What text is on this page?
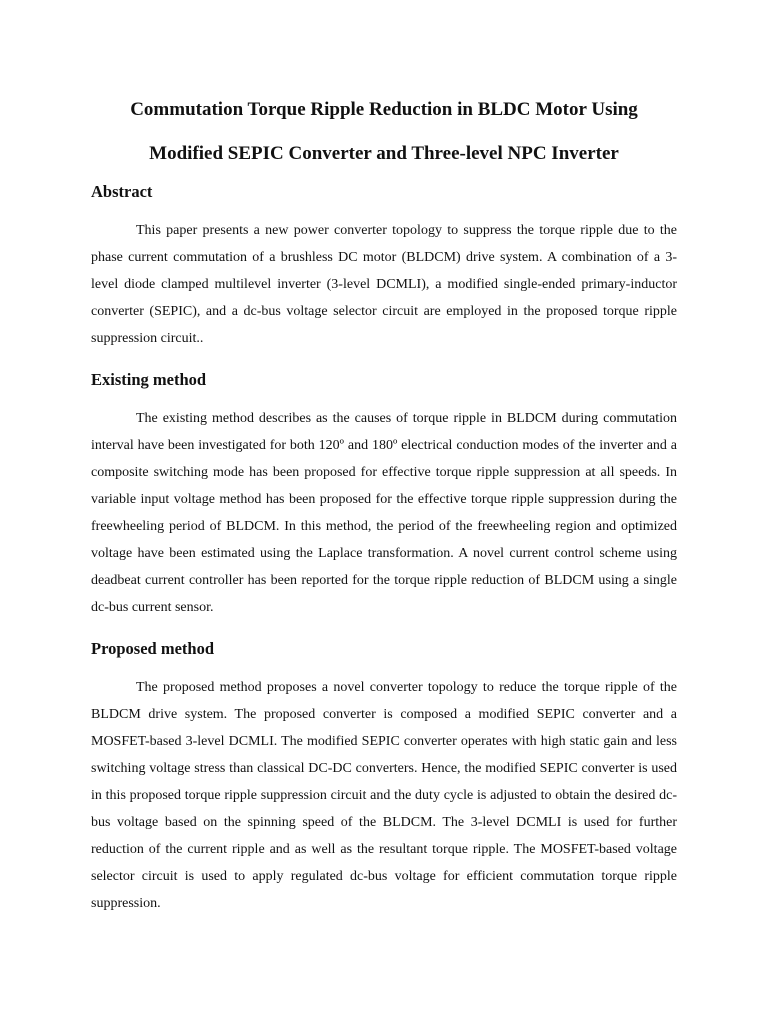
Commutation Torque Ripple Reduction in BLDC Motor Using
Modified SEPIC Converter and Three-level NPC Inverter
Abstract

This paper presents a new power converter topology to suppress the torque ripple due to the phase current commutation of a brushless DC motor (BLDCM) drive system. A combination of a 3-level diode clamped multilevel inverter (3-level DCMLI), a modified single-ended primary-inductor converter (SEPIC), and a dc-bus voltage selector circuit are employed in the proposed torque ripple suppression circuit..

Existing method

The existing method describes as the causes of torque ripple in BLDCM during commutation interval have been investigated for both 120º and 180º electrical conduction modes of the inverter and a composite switching mode has been proposed for effective torque ripple suppression at all speeds. In variable input voltage method has been proposed for the effective torque ripple suppression during the freewheeling period of BLDCM. In this method, the period of the freewheeling region and optimized voltage have been estimated using the Laplace transformation. A novel current control scheme using deadbeat current controller has been reported for the torque ripple reduction of BLDCM using a single dc-bus current sensor.

Proposed method

The proposed method proposes a novel converter topology to reduce the torque ripple of the BLDCM drive system. The proposed converter is composed a modified SEPIC converter and a MOSFET-based 3-level DCMLI. The modified SEPIC converter operates with high static gain and less switching voltage stress than classical DC-DC converters. Hence, the modified SEPIC converter is used in this proposed torque ripple suppression circuit and the duty cycle is adjusted to obtain the desired dc-bus voltage based on the spinning speed of the BLDCM. The 3-level DCMLI is used for further reduction of the current ripple and as well as the resultant torque ripple. The MOSFET-based voltage selector circuit is used to apply regulated dc-bus voltage for efficient commutation torque ripple suppression.
